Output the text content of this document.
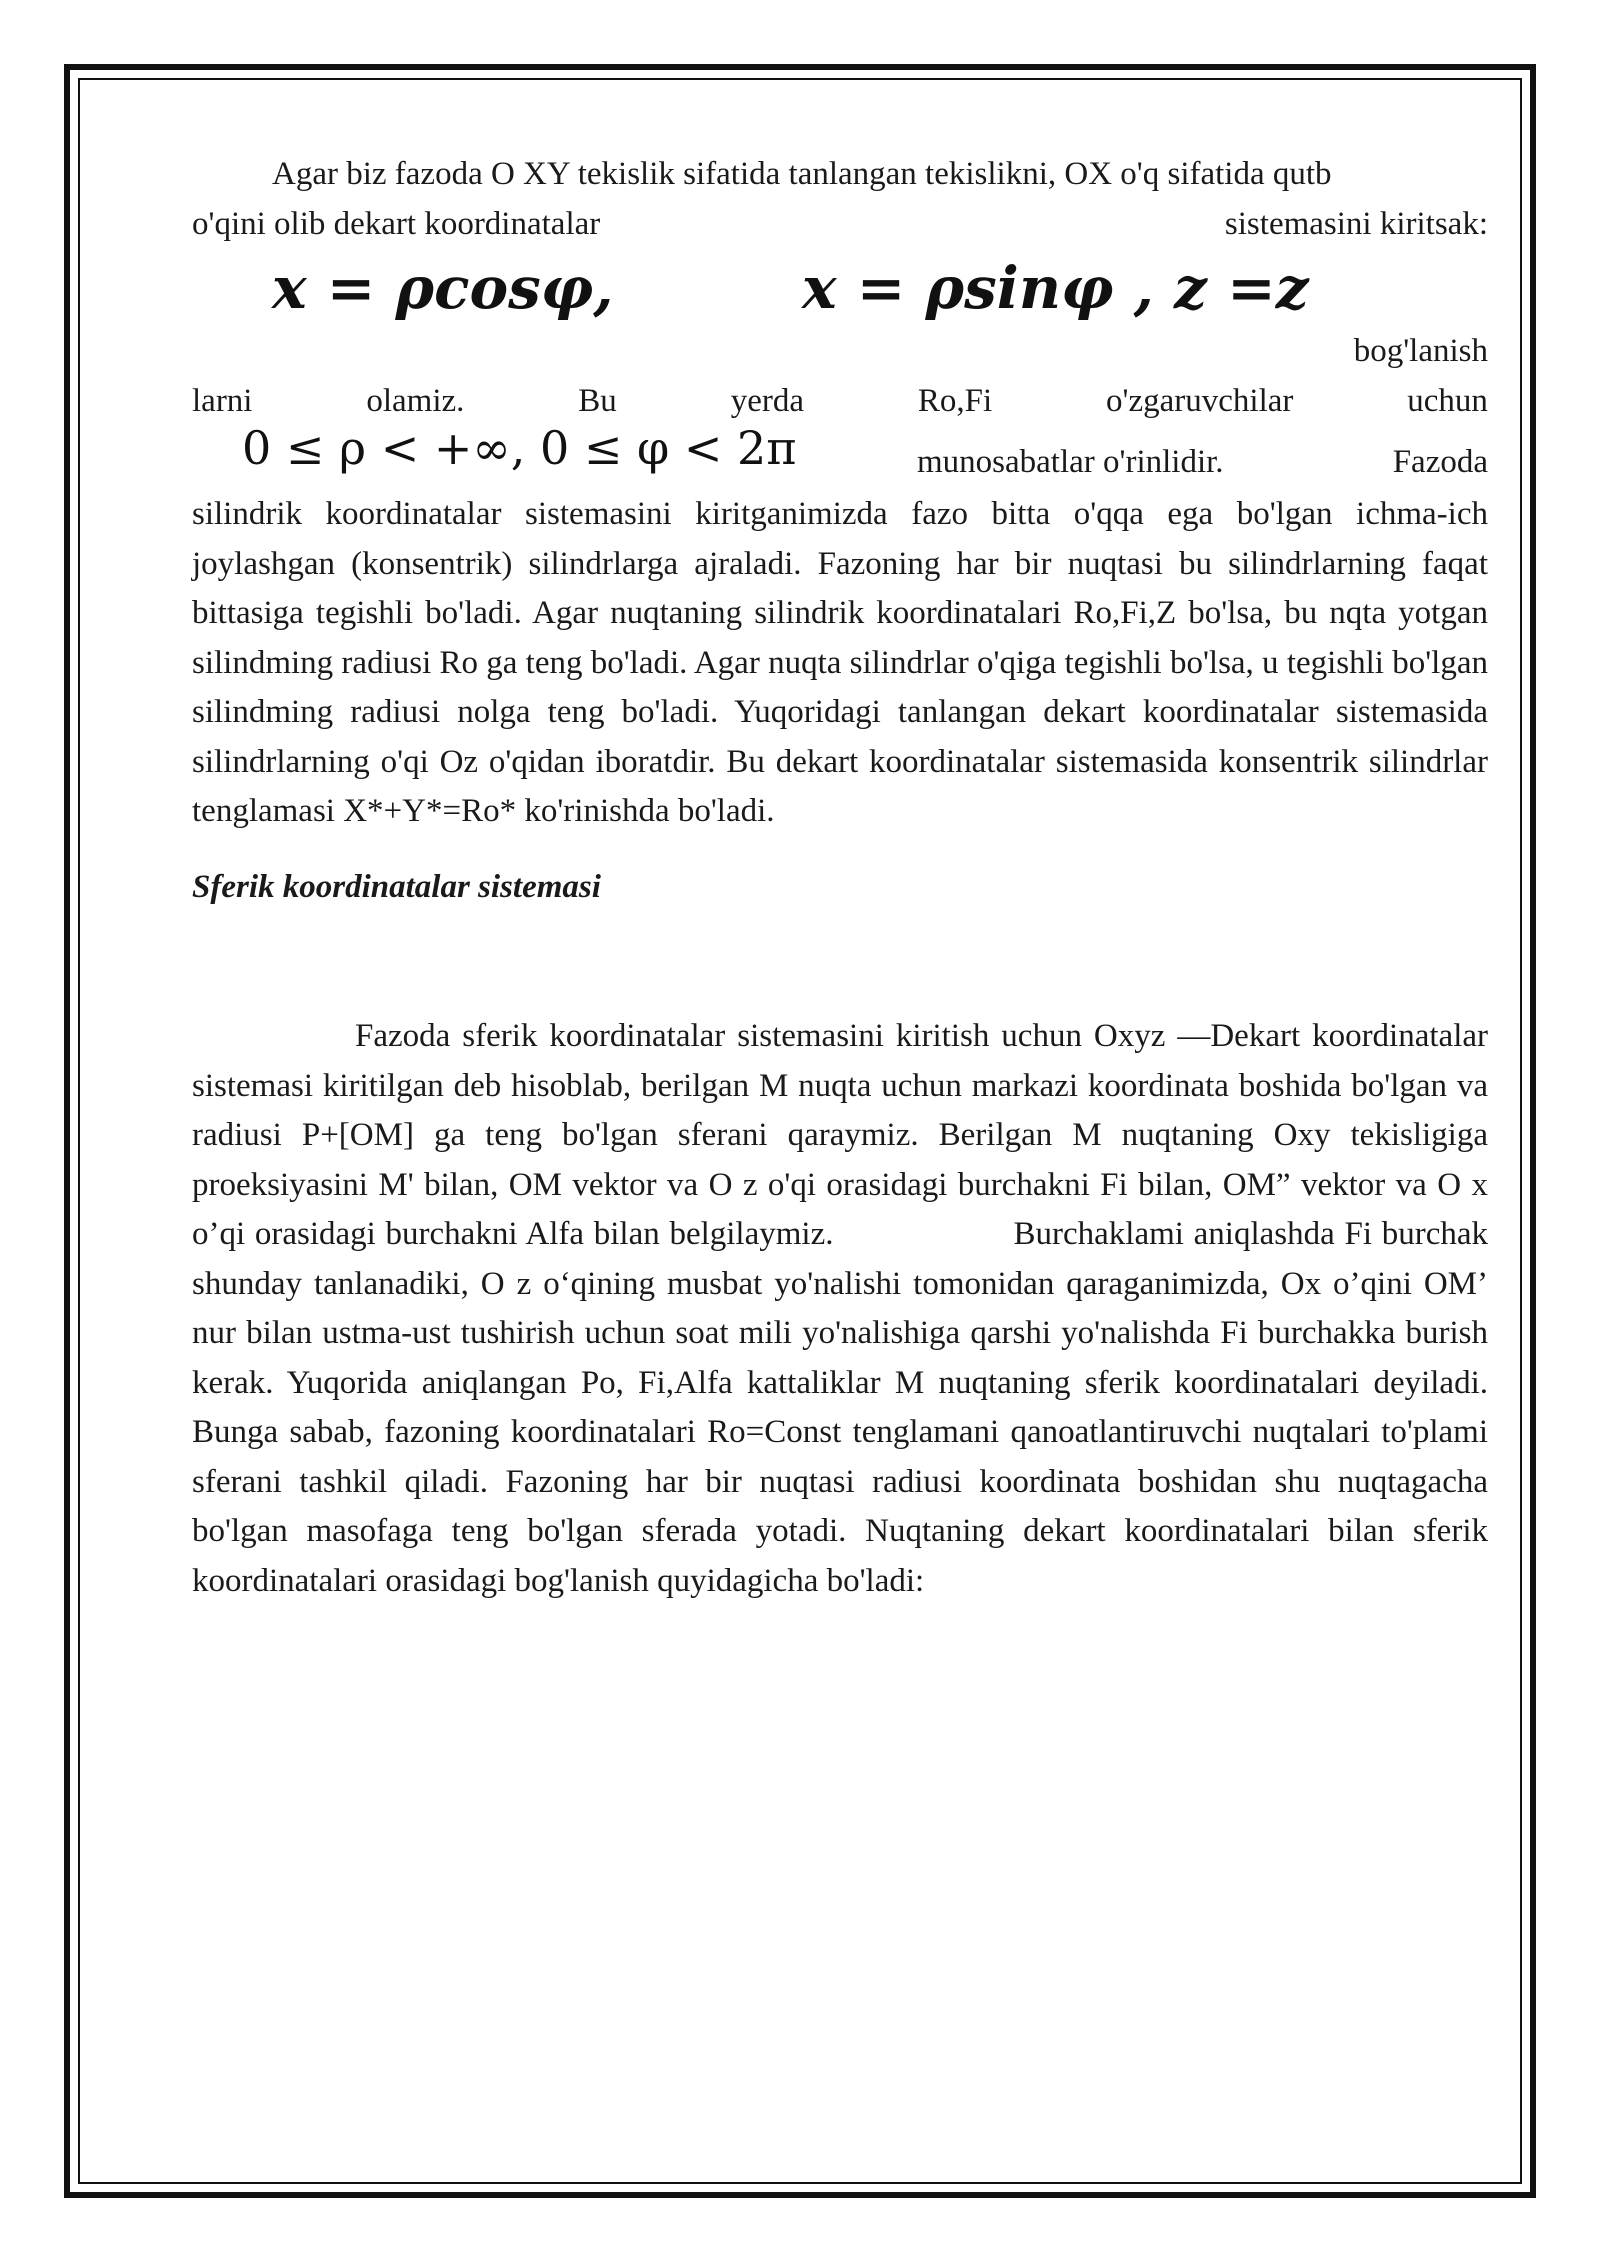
Agar biz fazoda O XY tekislik sifatida tanlangan tekislikni, OX o'q sifatida qutb

o'qini olib dekart koordinatalar	sistemasini kiritsak:
x = ρcosφ,	x = ρsinφ , z =z
bog'lanish
larni	olamiz.	Bu	yerda	Ro,Fi	o'zgaruvchilar	uchun
0 ≤ ρ < +∞, 0 ≤ φ < 2π	munosabatlar o'rinlidir.	Fazoda

silindrik koordinatalar sistemasini kiritganimizda fazo bitta o'qqa ega bo'lgan ichma-ich joylashgan (konsentrik) silindrlarga ajraladi. Fazoning har bir nuqtasi bu silindrlarning faqat bittasiga tegishli bo'ladi. Agar nuqtaning silindrik koordinatalari Ro,Fi,Z bo'lsa, bu nqta yotgan silindming radiusi Ro ga teng bo'ladi. Agar nuqta silindrlar o'qiga tegishli bo'lsa, u tegishli bo'lgan silindming radiusi nolga teng bo'ladi. Yuqoridagi tanlangan dekart koordinatalar sistemasida silindrlarning o'qi Oz o'qidan iboratdir. Bu dekart koordinatalar sistemasida konsentrik silindrlar tenglamasi X*+Y*=Ro* ko'rinishda bo'ladi.

Sferik koordinatalar sistemasi

Fazoda sferik koordinatalar sistemasini kiritish uchun Oxyz —Dekart koordinatalar sistemasi kiritilgan deb hisoblab, berilgan M nuqta uchun markazi koordinata boshida bo'lgan va radiusi P+[OM] ga teng bo'lgan sferani qaraymiz. Berilgan M nuqtaning Oxy tekisligiga proeksiyasini M' bilan, OM vektor va O z o'qi orasidagi burchakni Fi bilan, OM” vektor va O x o’qi orasidagi burchakni Alfa bilan belgilaymiz.	Burchaklami aniqlashda Fi burchak shunday tanlanadiki, O z o‘qining musbat yo'nalishi tomonidan qaraganimizda, Ox o’qini OM’ nur bilan ustma-ust tushirish uchun soat mili yo'nalishiga qarshi yo'nalishda Fi burchakka burish kerak. Yuqorida aniqlangan Po, Fi,Alfa kattaliklar M nuqtaning sferik koordinatalari deyiladi. Bunga sabab, fazoning koordinatalari Ro=Const tenglamani qanoatlantiruvchi nuqtalari to'plami sferani tashkil qiladi. Fazoning har bir nuqtasi radiusi koordinata boshidan shu nuqtagacha bo'lgan masofaga teng bo'lgan sferada yotadi. Nuqtaning dekart koordinatalari bilan sferik koordinatalari orasidagi bog'lanish quyidagicha bo'ladi:
